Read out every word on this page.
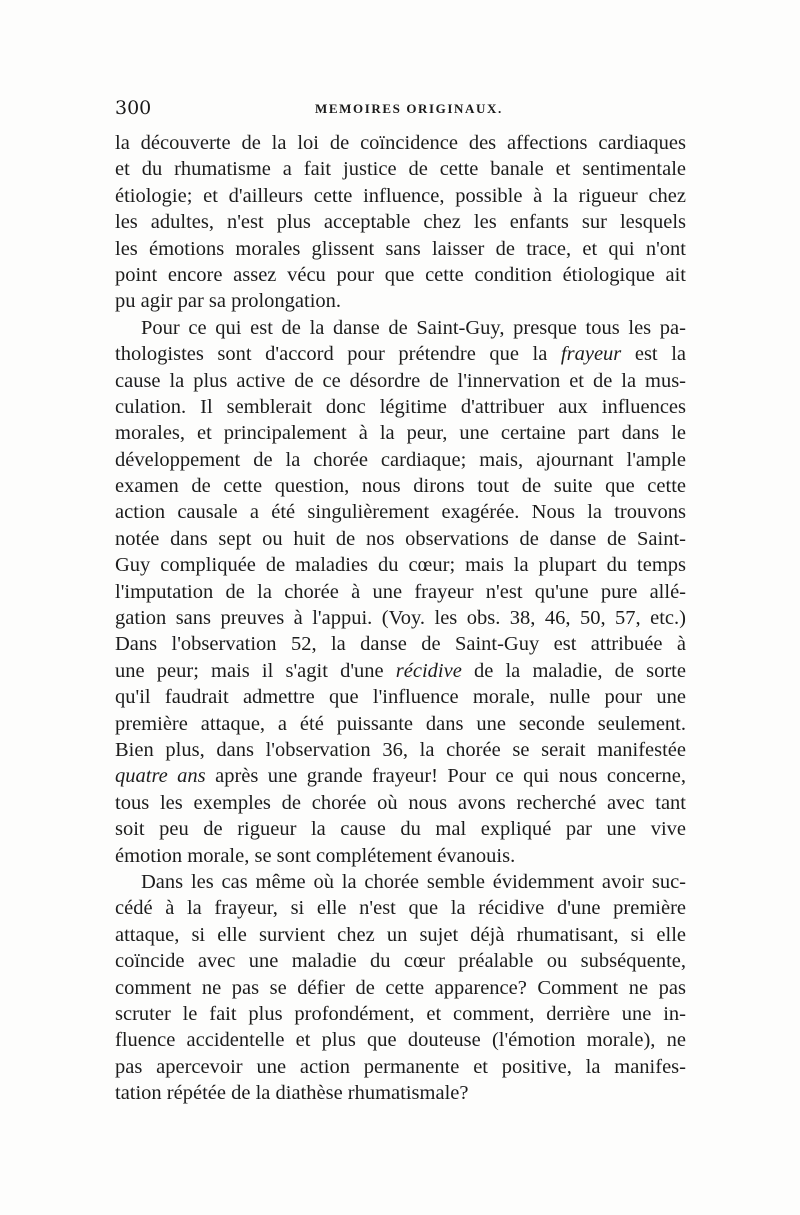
300	MEMOIRES ORIGINAUX.
la découverte de la loi de coïncidence des affections cardiaques
et du rhumatisme a fait justice de cette banale et sentimentale
étiologie; et d'ailleurs cette influence, possible à la rigueur chez
les adultes, n'est plus acceptable chez les enfants sur lesquels
les émotions morales glissent sans laisser de trace, et qui n'ont
point encore assez vécu pour que cette condition étiologique ait
pu agir par sa prolongation.
Pour ce qui est de la danse de Saint-Guy, presque tous les pa-
thologistes sont d'accord pour prétendre que la frayeur est la
cause la plus active de ce désordre de l'innervation et de la mus-
culation. Il semblerait donc légitime d'attribuer aux influences
morales, et principalement à la peur, une certaine part dans le
développement de la chorée cardiaque; mais, ajournant l'ample
examen de cette question, nous dirons tout de suite que cette
action causale a été singulièrement exagérée. Nous la trouvons
notée dans sept ou huit de nos observations de danse de Saint-
Guy compliquée de maladies du cœur; mais la plupart du temps
l'imputation de la chorée à une frayeur n'est qu'une pure allé-
gation sans preuves à l'appui. (Voy. les obs. 38, 46, 50, 57, etc.)
Dans l'observation 52, la danse de Saint-Guy est attribuée à
une peur; mais il s'agit d'une récidive de la maladie, de sorte
qu'il faudrait admettre que l'influence morale, nulle pour une
première attaque, a été puissante dans une seconde seulement.
Bien plus, dans l'observation 36, la chorée se serait manifestée
quatre ans après une grande frayeur! Pour ce qui nous concerne,
tous les exemples de chorée où nous avons recherché avec tant
soit peu de rigueur la cause du mal expliqué par une vive
émotion morale, se sont complétement évanouis.
Dans les cas même où la chorée semble évidemment avoir suc-
cédé à la frayeur, si elle n'est que la récidive d'une première
attaque, si elle survient chez un sujet déjà rhumatisant, si elle
coïncide avec une maladie du cœur préalable ou subséquente,
comment ne pas se défier de cette apparence? Comment ne pas
scruter le fait plus profondément, et comment, derrière une in-
fluence accidentelle et plus que douteuse (l'émotion morale), ne
pas apercevoir une action permanente et positive, la manifes-
tation répétée de la diathèse rhumatismale?
